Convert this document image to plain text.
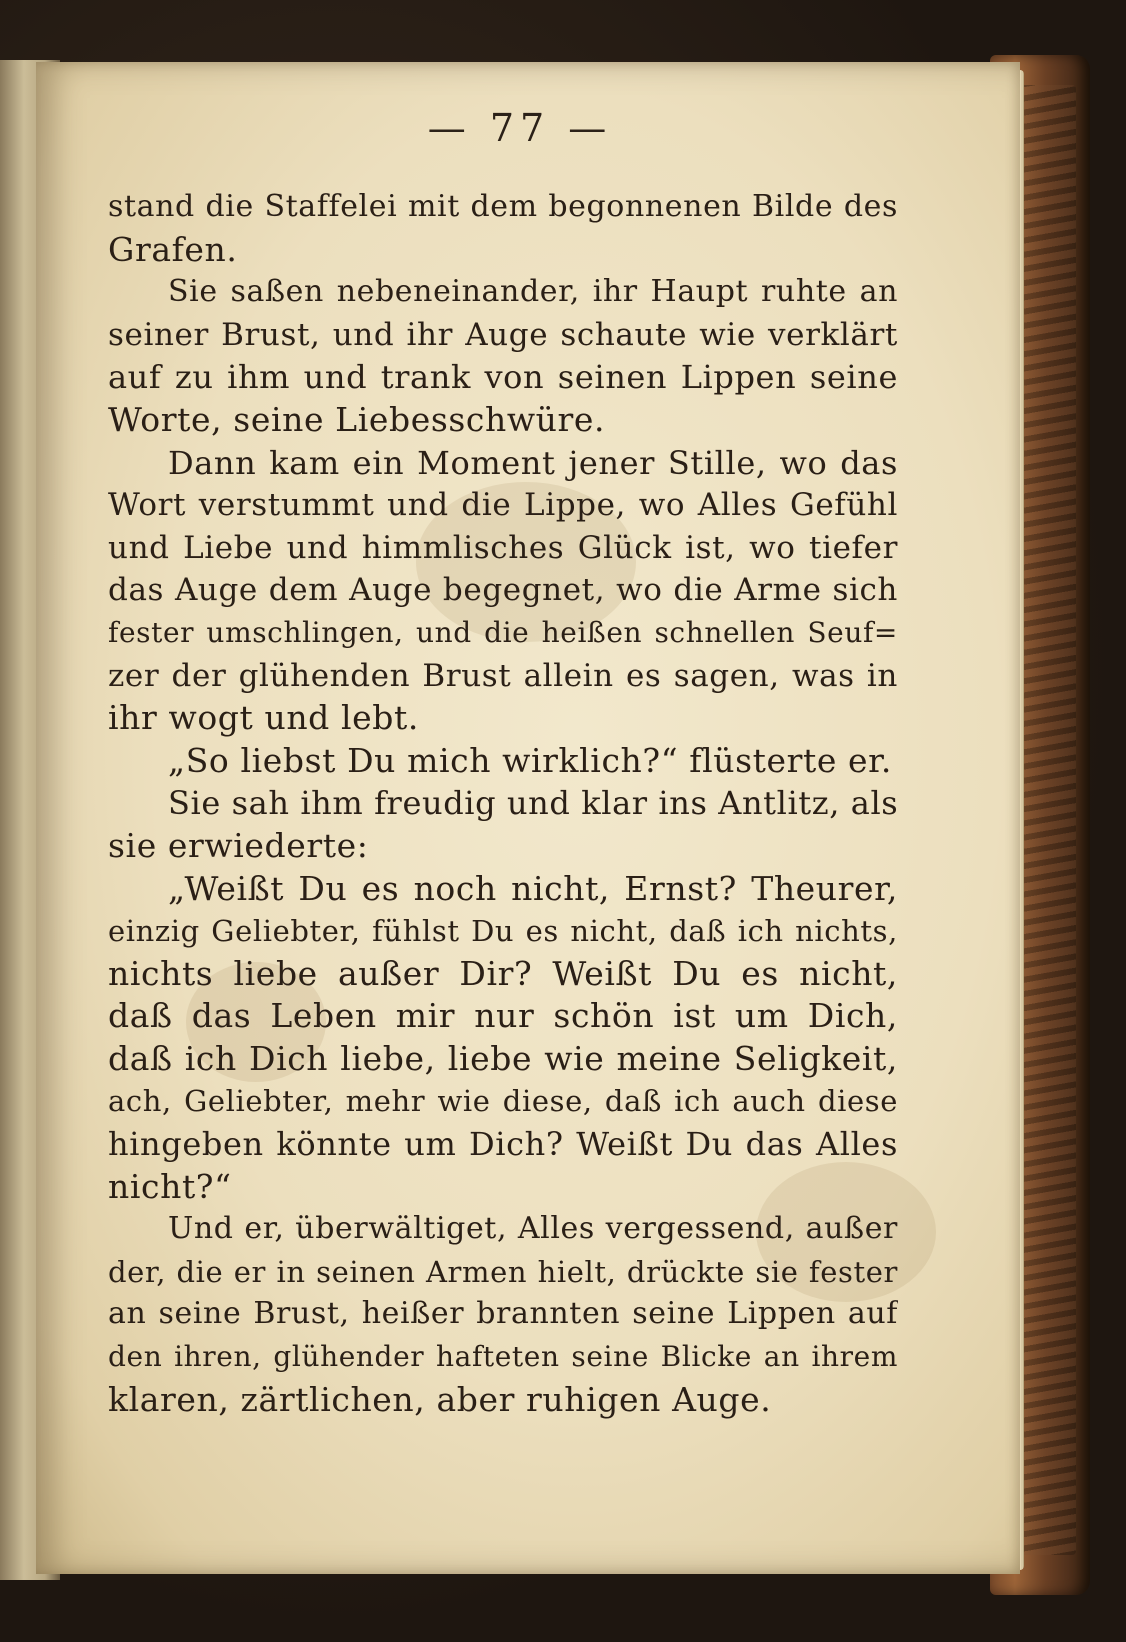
— 77 —
stand die Staffelei mit dem begonnenen Bilde des
Grafen.
Sie saßen nebeneinander, ihr Haupt ruhte an
seiner Brust, und ihr Auge schaute wie verklärt
auf zu ihm und trank von seinen Lippen seine
Worte, seine Liebesschwüre.
Dann kam ein Moment jener Stille, wo das
Wort verstummt und die Lippe, wo Alles Gefühl
und Liebe und himmlisches Glück ist, wo tiefer
das Auge dem Auge begegnet, wo die Arme sich
fester umschlingen, und die heißen schnellen Seuf=
zer der glühenden Brust allein es sagen, was in
ihr wogt und lebt.
„So liebst Du mich wirklich?“ flüsterte er.
Sie sah ihm freudig und klar ins Antlitz, als
sie erwiederte:
„Weißt Du es noch nicht, Ernst? Theurer,
einzig Geliebter, fühlst Du es nicht, daß ich nichts,
nichts liebe außer Dir? Weißt Du es nicht,
daß das Leben mir nur schön ist um Dich,
daß ich Dich liebe, liebe wie meine Seligkeit,
ach, Geliebter, mehr wie diese, daß ich auch diese
hingeben könnte um Dich? Weißt Du das Alles
nicht?“
Und er, überwältiget, Alles vergessend, außer
der, die er in seinen Armen hielt, drückte sie fester
an seine Brust, heißer brannten seine Lippen auf
den ihren, glühender hafteten seine Blicke an ihrem
klaren, zärtlichen, aber ruhigen Auge.
